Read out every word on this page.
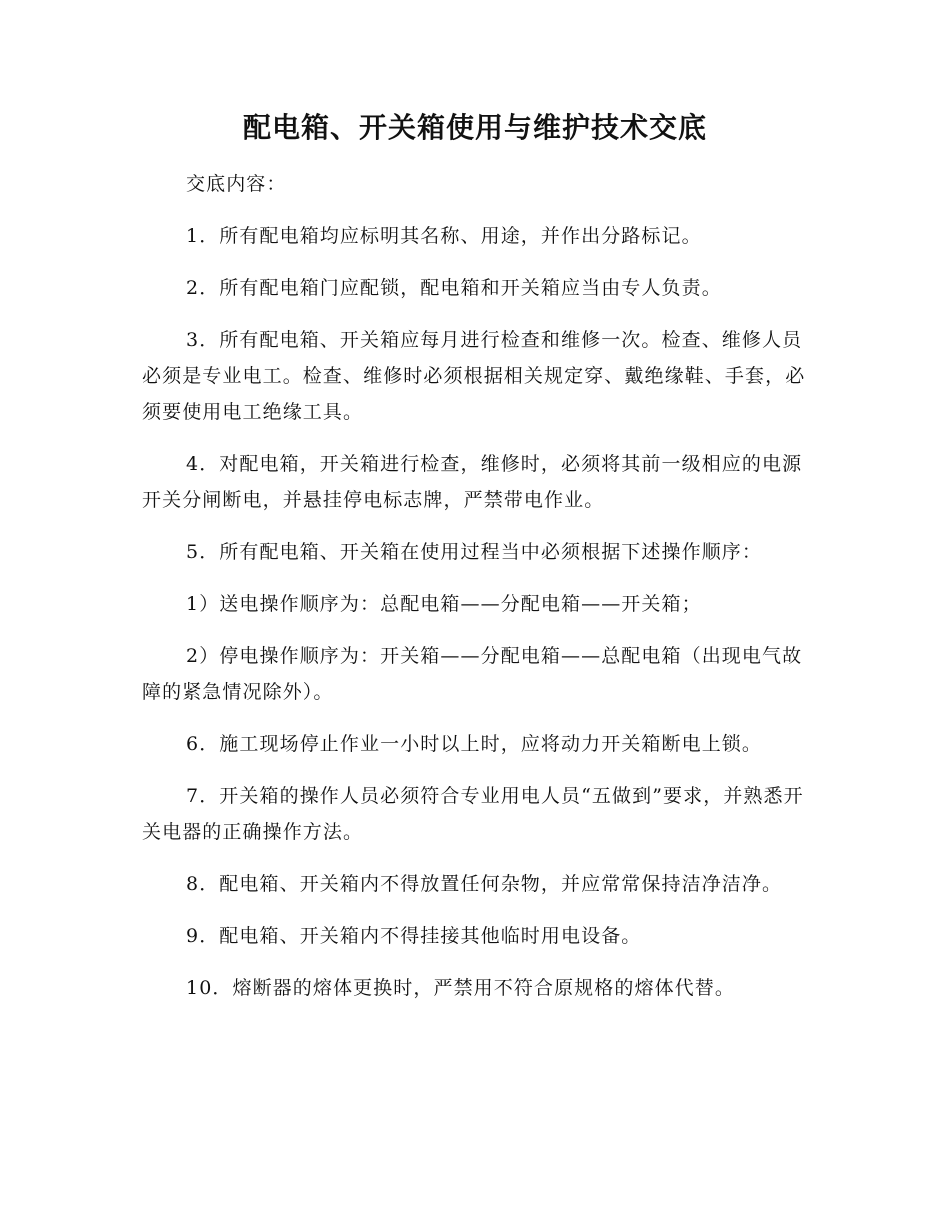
配电箱、开关箱使用与维护技术交底

交底内容：

1．所有配电箱均应标明其名称、用途，并作出分路标记。

2．所有配电箱门应配锁，配电箱和开关箱应当由专人负责。

3．所有配电箱、开关箱应每月进行检查和维修一次。检查、维修人员必须是专业电工。检查、维修时必须根据相关规定穿、戴绝缘鞋、手套，必须要使用电工绝缘工具。

4．对配电箱，开关箱进行检查，维修时，必须将其前一级相应的电源开关分闸断电，并悬挂停电标志牌，严禁带电作业。

5．所有配电箱、开关箱在使用过程当中必须根据下述操作顺序：

1）送电操作顺序为：总配电箱——分配电箱——开关箱；

2）停电操作顺序为：开关箱——分配电箱——总配电箱（出现电气故障的紧急情况除外）。

6．施工现场停止作业一小时以上时，应将动力开关箱断电上锁。

7．开关箱的操作人员必须符合专业用电人员“五做到”要求，并熟悉开关电器的正确操作方法。

8．配电箱、开关箱内不得放置任何杂物，并应常常保持洁净洁净。

9．配电箱、开关箱内不得挂接其他临时用电设备。

10．熔断器的熔体更换时，严禁用不符合原规格的熔体代替。
